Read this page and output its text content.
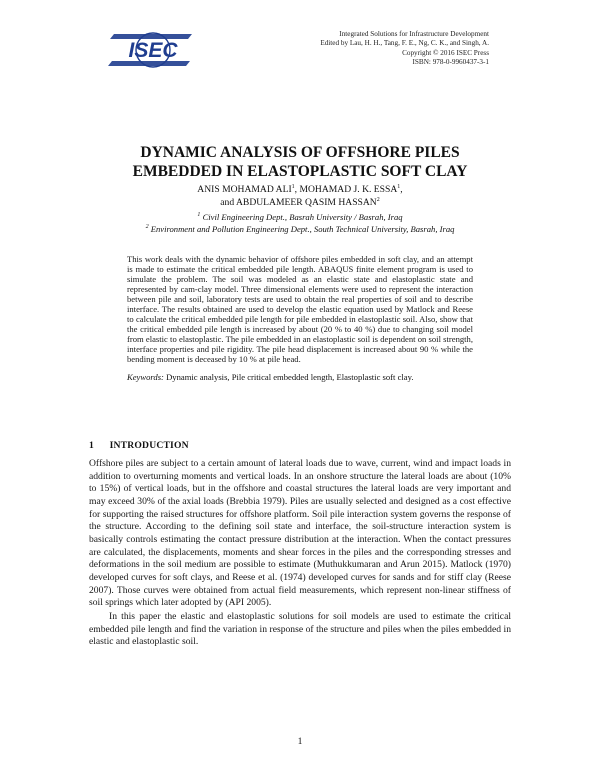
ISEC
Integrated Solutions for Infrastructure Development
Edited by Lau, H. H., Tang, F. E., Ng, C. K., and Singh, A.
Copyright © 2016 ISEC Press
ISBN: 978-0-9960437-3-1
DYNAMIC ANALYSIS OF OFFSHORE PILES
EMBEDDED IN ELASTOPLASTIC SOFT CLAY
ANIS MOHAMAD ALI$^1$, MOHAMAD J. K. ESSA$^1$,
and ABDULAMEER QASIM HASSAN$^2$
$^1$ Civil Engineering Dept., Basrah University / Basrah, Iraq
$^2$ Environment and Pollution Engineering Dept., South Technical University, Basrah, Iraq
This work deals with the dynamic behavior of offshore piles embedded in soft clay, and an attempt is made to estimate the critical embedded pile length. ABAQUS finite element program is used to simulate the problem. The soil was modeled as an elastic state and elastoplastic state and represented by cam-clay model. Three dimensional elements were used to represent the interaction between pile and soil, laboratory tests are used to obtain the real properties of soil and to describe interface. The results obtained are used to develop the elastic equation used by Matlock and Reese to calculate the critical embedded pile length for pile embedded in elastoplastic soil. Also, show that the critical embedded pile length is increased by about (20 % to 40 %) due to changing soil model from elastic to elastoplastic. The pile embedded in an elastoplastic soil is dependent on soil strength, interface properties and pile rigidity. The pile head displacement is increased about 90 % while the bending moment is deceased by 10 % at pile head.
Keywords: Dynamic analysis, Pile critical embedded length, Elastoplastic soft clay.
1 INTRODUCTION

Offshore piles are subject to a certain amount of lateral loads due to wave, current, wind and impact loads in addition to overturning moments and vertical loads. In an onshore structure the lateral loads are about (10% to 15%) of vertical loads, but in the offshore and coastal structures the lateral loads are very important and may exceed 30% of the axial loads (Brebbia 1979). Piles are usually selected and designed as a cost effective for supporting the raised structures for offshore platform. Soil pile interaction system governs the response of the structure. According to the defining soil state and interface, the soil-structure interaction system is basically controls estimating the contact pressure distribution at the interaction. When the contact pressures are calculated, the displacements, moments and shear forces in the piles and the corresponding stresses and deformations in the soil medium are possible to estimate (Muthukkumaran and Arun 2015). Matlock (1970) developed curves for soft clays, and Reese et al. (1974) developed curves for sands and for stiff clay (Reese 2007). Those curves were obtained from actual field measurements, which represent non-linear stiffness of soil springs which later adopted by (API 2005).

In this paper the elastic and elastoplastic solutions for soil models are used to estimate the critical embedded pile length and find the variation in response of the structure and piles when the piles embedded in elastic and elastoplastic soil.

1
